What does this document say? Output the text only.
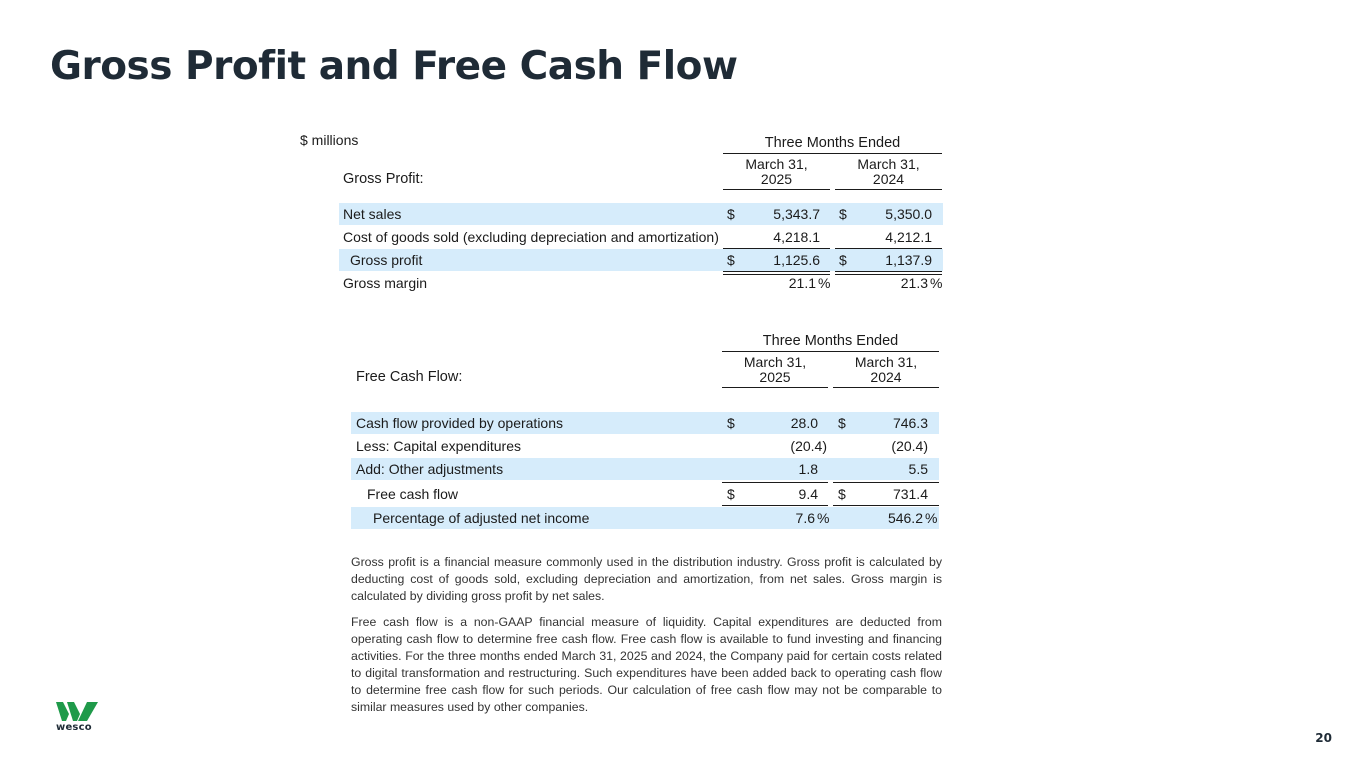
Gross Profit and Free Cash Flow
$ millions	Three Months Ended
Gross Profit:
March 31,
2025
March 31,
2024
Net sales	$	5,343.7 $	5,350.0
Cost of goods sold (excluding depreciation and amortization)	4,218.1	4,212.1
Gross profit	$	1,125.6 $	1,137.9
Gross margin	21.1 %	21.3 %
Three Months Ended
Free Cash Flow:
March 31,
2025
March 31,
2024
Cash flow provided by operations	$	28.0 $	746.3
Less: Capital expenditures	(20.4)	(20.4)
Add: Other adjustments	1.8	5.5
Free cash flow	$	9.4 $	731.4
Percentage of adjusted net income	7.6 %	546.2 %

Gross profit is a financial measure commonly used in the distribution industry. Gross profit is calculated by deducting cost of goods sold, excluding depreciation and amortization, from net sales. Gross margin is calculated by dividing gross profit by net sales.

Free cash flow is a non-GAAP financial measure of liquidity. Capital expenditures are deducted from operating cash flow to determine free cash flow. Free cash flow is available to fund investing and financing activities. For the three months ended March 31, 2025 and 2024, the Company paid for certain costs related to digital transformation and restructuring. Such expenditures have been added back to operating cash flow to determine free cash flow for such periods. Our calculation of free cash flow may not be comparable to similar measures used by other companies.

wesco
20
